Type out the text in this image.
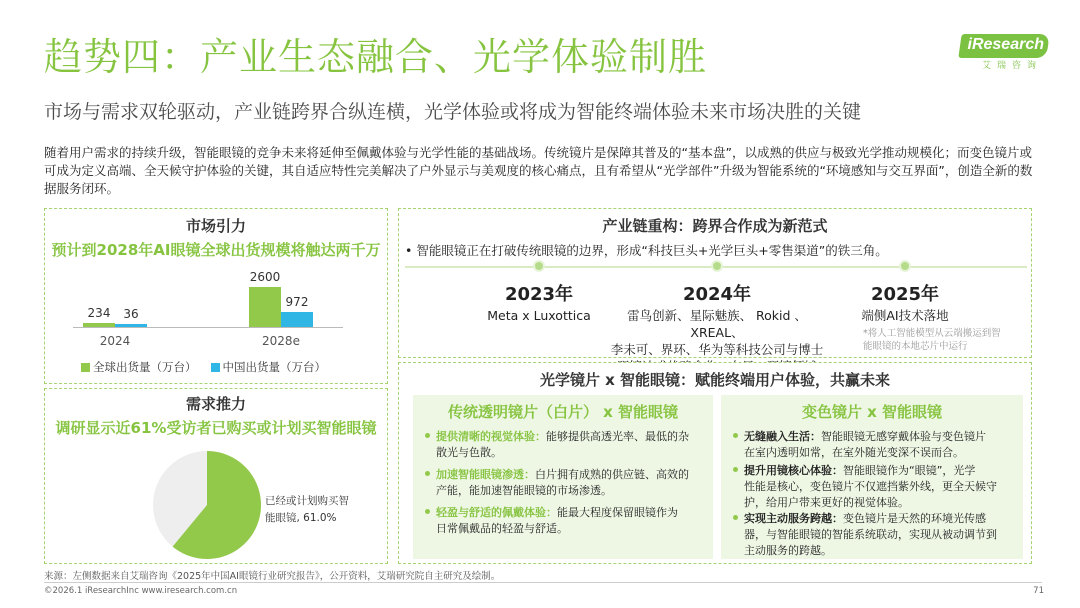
趋势四：产业生态融合、光学体验制胜
市场与需求双轮驱动，产业链跨界合纵连横，光学体验或将成为智能终端体验未来市场决胜的关键
iResearch
艾瑞咨询
随着用户需求的持续升级，智能眼镜的竞争未来将延伸至佩戴体验与光学性能的基础战场。传统镜片是保障其普及的“基本盘”，以成熟的供应与极致光学推动规模化；而变色镜片或可成为定义高端、全天候守护体验的关键，其自适应特性完美解决了户外显示与美观度的核心痛点，且有希望从“光学部件”升级为智能系统的“环境感知与交互界面”，创造全新的数据服务闭环。
市场引力
预计到2028年AI眼镜全球出货规模将触达两千万
234	36
2024
2600
972
2028e
全球出货量（万台） 中国出货量（万台）
需求推力
调研显示近61%受访者已购买或计划买智能眼镜
已经或计划购买智
能眼镜, 61.0%
产业链重构：跨界合作成为新范式
• 智能眼镜正在打破传统眼镜的边界，形成“科技巨头+光学巨头+零售渠道”的铁三角。
2023年
Meta x Luxottica
2024年
雷鸟创新、星际魅族、 Rokid 、 XREAL、
李未可、界环、华为等科技公司与博士
2025年
端侧AI技术落地
*将人工智能模型从云端搬运到智
能眼镜的本地芯片中运行
光学镜片 x 智能眼镜：赋能终端用户体验，共赢未来
传统透明镜片（白片） x 智能眼镜
提供清晰的视觉体验：能够提供高透光率、最低的杂
散光与色散。
加速智能眼镜渗透：白片拥有成熟的供应链、高效的
产能，能加速智能眼镜的市场渗透。
轻盈与舒适的佩戴体验：能最大程度保留眼镜作为
日常佩戴品的轻盈与舒适。
变色镜片 x 智能眼镜
无缝融入生活：智能眼镜无感穿戴体验与变色镜片
在室内透明如常，在室外随光变深不误而合。
提升用镜核心体验：智能眼镜作为“眼镜”，光学
性能是核心，变色镜片不仅遮挡紫外线，更全天候守
护，给用户带来更好的视觉体验。
实现主动服务跨越：变色镜片是天然的环境光传感
器，与智能眼镜的智能系统联动，实现从被动调节到
主动服务的跨越。
来源：左侧数据来自艾瑞咨询《2025年中国AI眼镜行业研究报告》，公开资料，艾瑞研究院自主研究及绘制。
©2026.1 iResearchInc www.iresearch.com.cn	71
